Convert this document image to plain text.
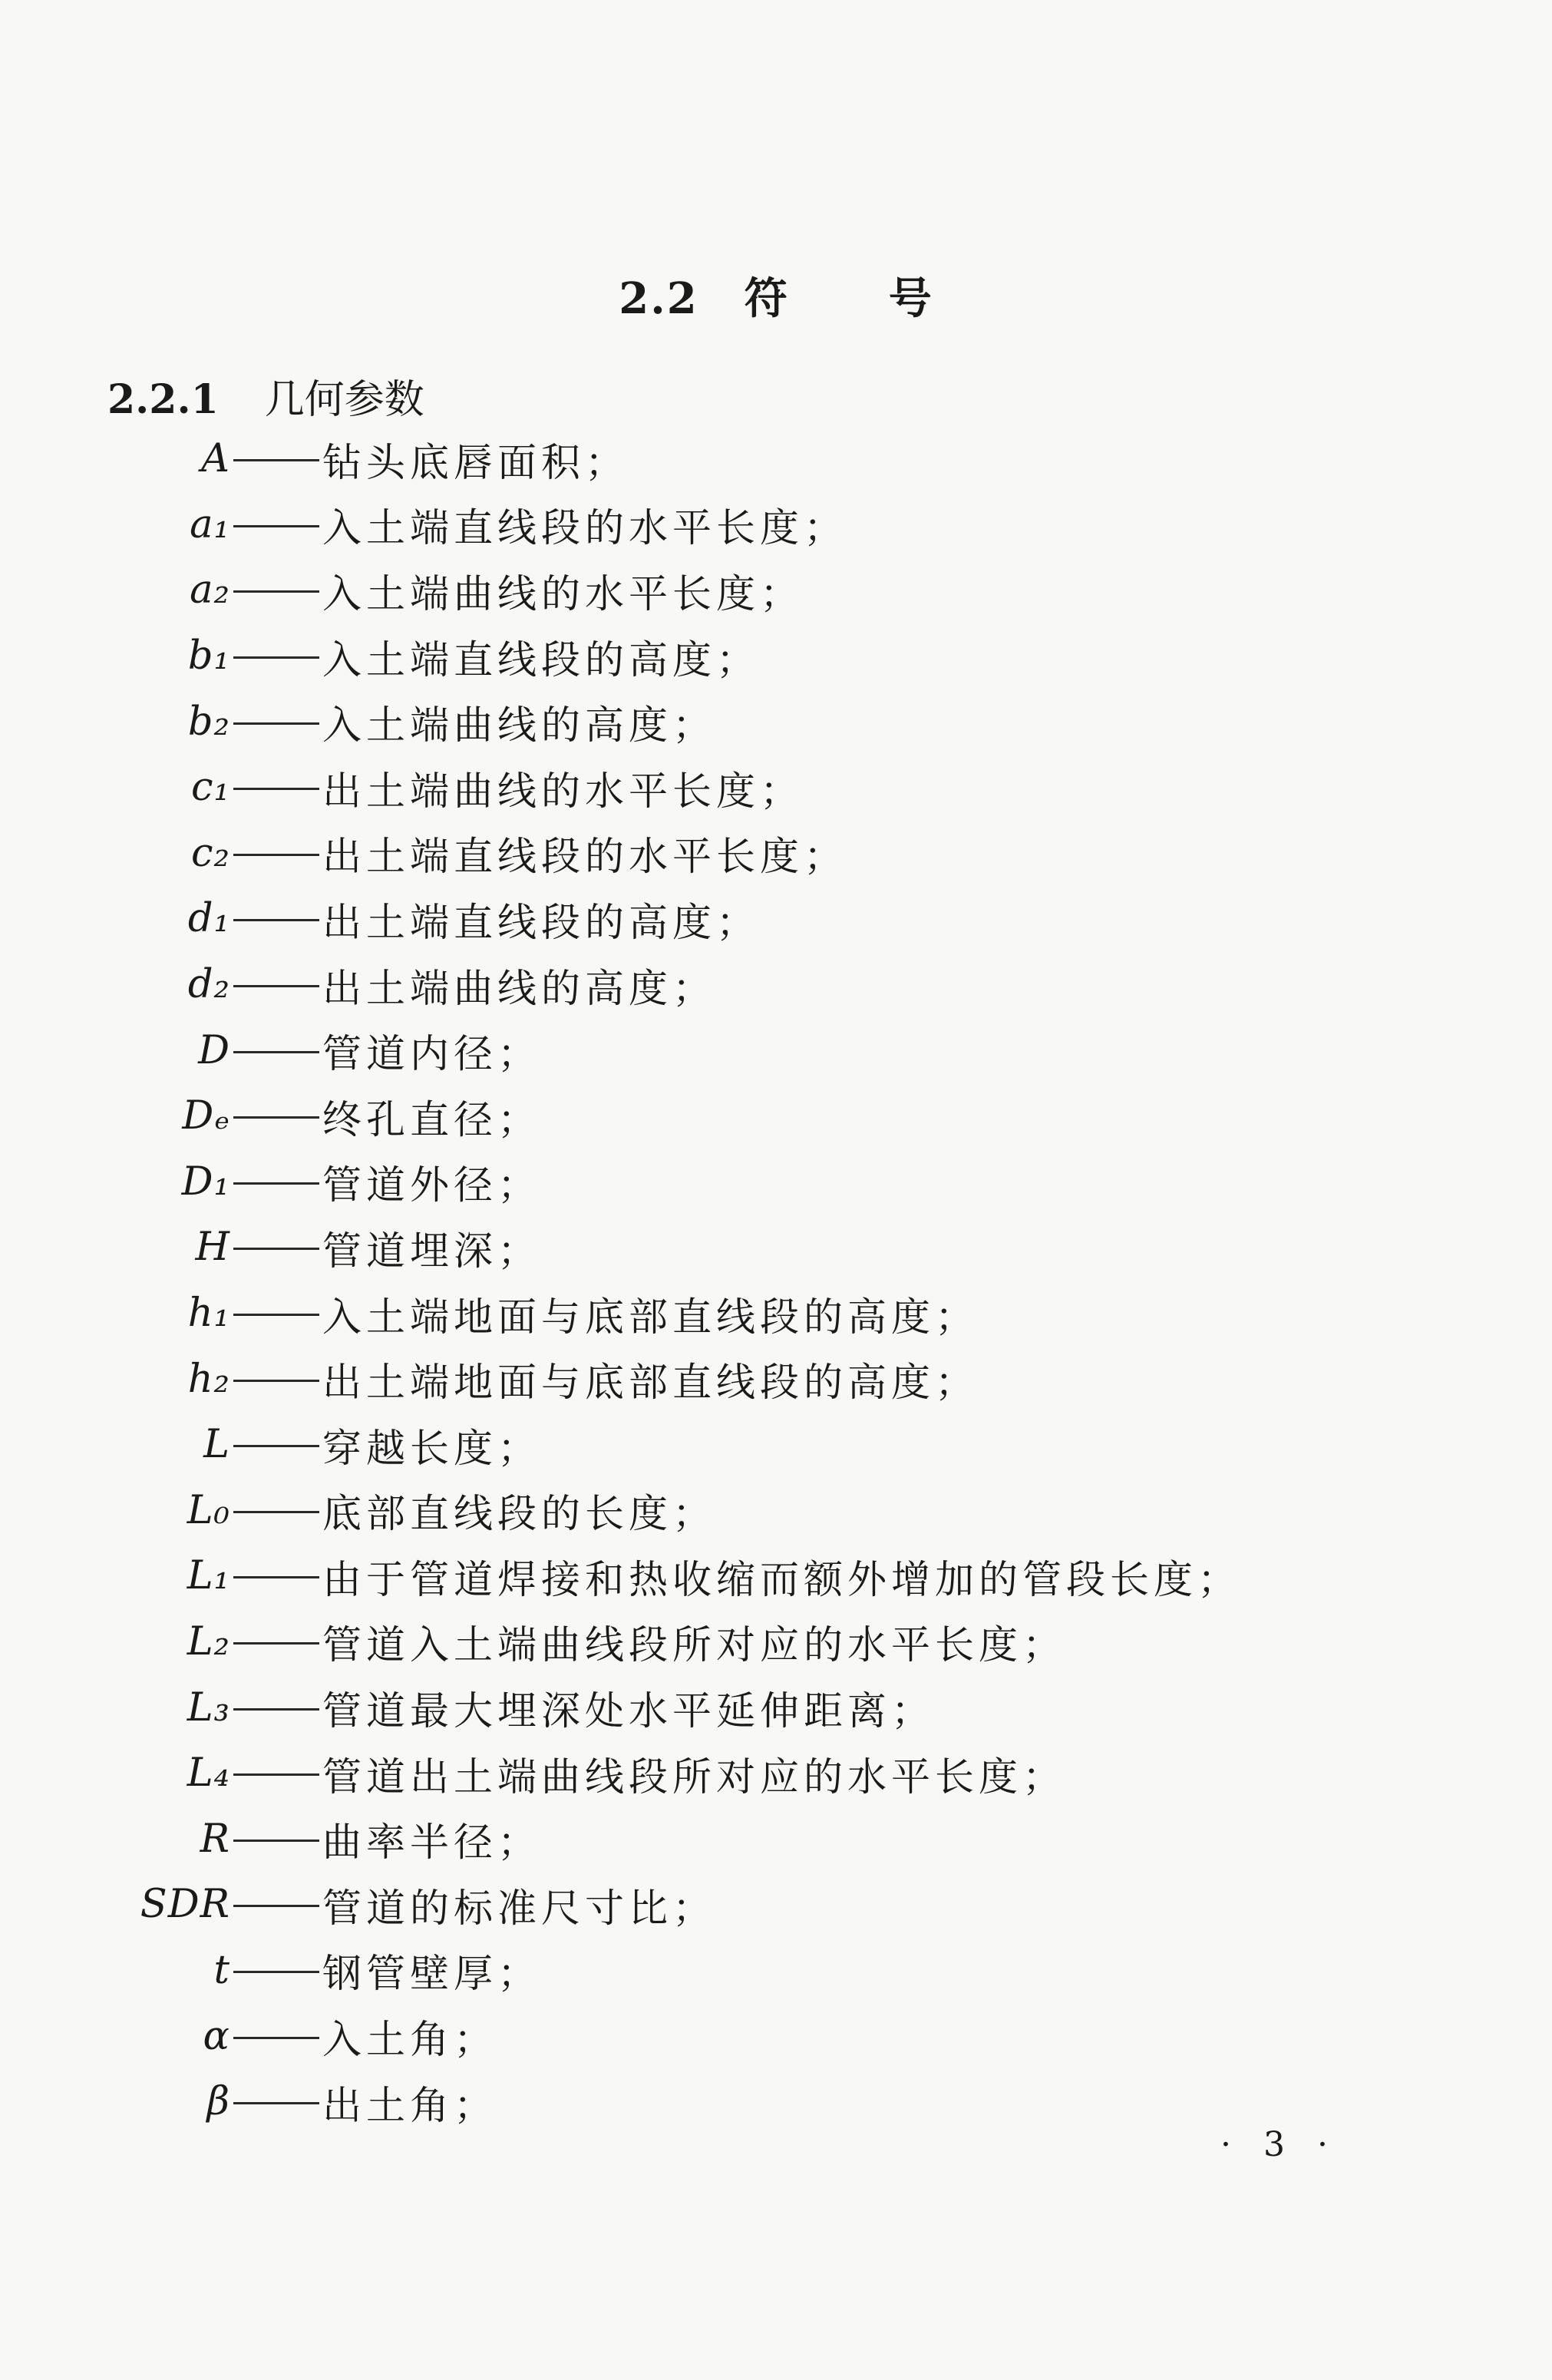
2.2 符 号
2.2.1 几何参数
A 钻头底唇面积；
a₁ 入土端直线段的水平长度；
a₂ 入土端曲线的水平长度；
b₁ 入土端直线段的高度；
b₂ 入土端曲线的高度；
c₁ 出土端曲线的水平长度；
c₂ 出土端直线段的水平长度；
d₁ 出土端直线段的高度；
d₂ 出土端曲线的高度；
D 管道内径；
Dₑ 终孔直径；
D₁ 管道外径；
H 管道埋深；
h₁ 入土端地面与底部直线段的高度；
h₂ 出土端地面与底部直线段的高度；
L 穿越长度；
L₀ 底部直线段的长度；
L₁ 由于管道焊接和热收缩而额外增加的管段长度；
L₂ 管道入土端曲线段所对应的水平长度；
L₃ 管道最大埋深处水平延伸距离；
L₄ 管道出土端曲线段所对应的水平长度；
R 曲率半径；
SDR 管道的标准尺寸比；
t 钢管壁厚；
α 入土角；
β 出土角；
· 3 ·
